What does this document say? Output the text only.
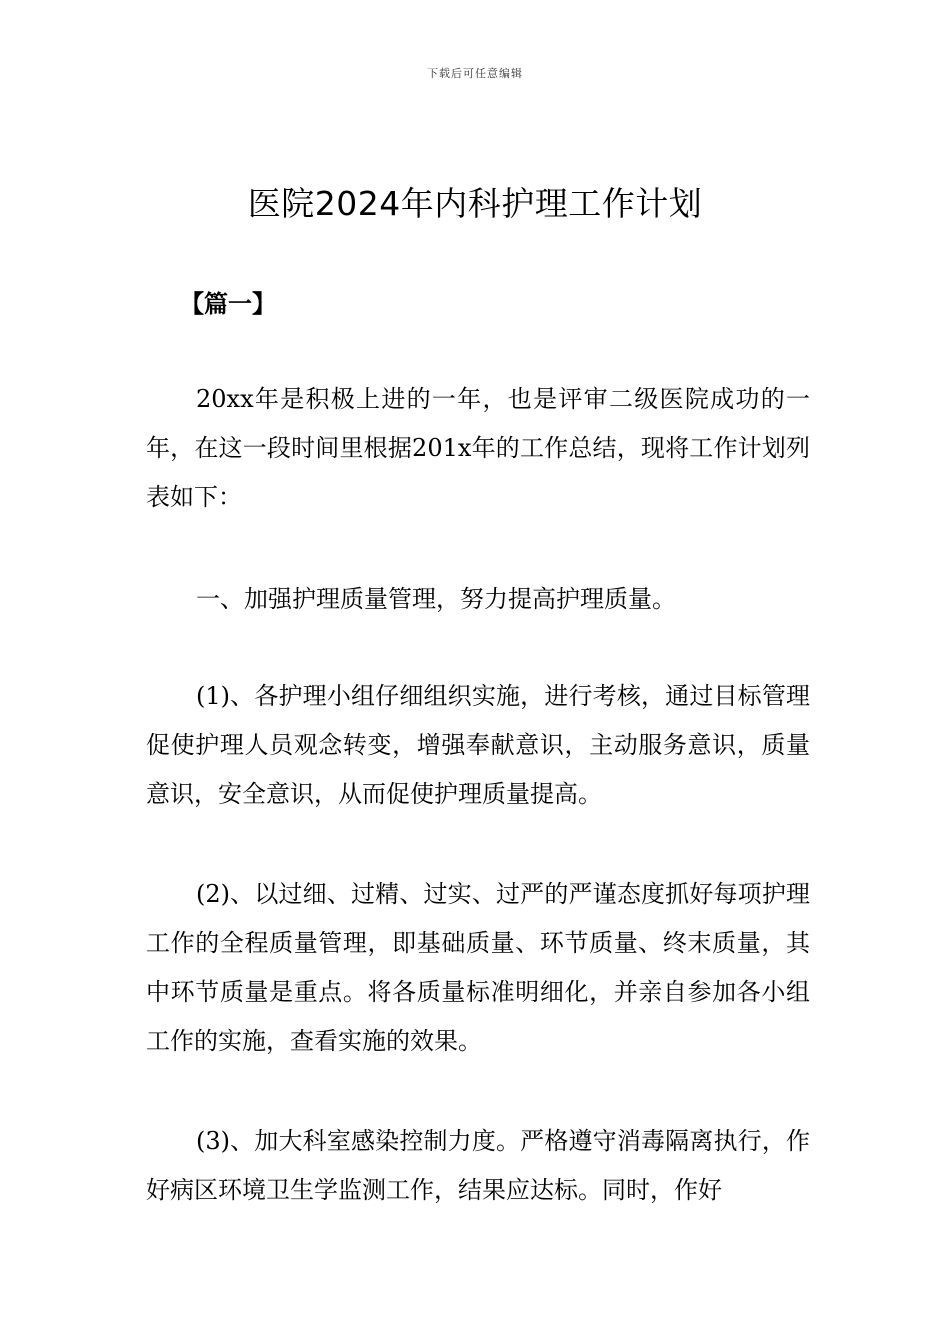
下载后可任意编辑
医院2024年内科护理工作计划

【篇一】

20xx年是积极上进的一年，也是评审二级医院成功的一年，在这一段时间里根据201x年的工作总结，现将工作计划列表如下：

一、加强护理质量管理，努力提高护理质量。

(1)、各护理小组仔细组织实施，进行考核，通过目标管理促使护理人员观念转变，增强奉献意识，主动服务意识，质量意识，安全意识，从而促使护理质量提高。

(2)、以过细、过精、过实、过严的严谨态度抓好每项护理工作的全程质量管理，即基础质量、环节质量、终末质量，其中环节质量是重点。将各质量标准明细化，并亲自参加各小组工作的实施，查看实施的效果。

(3)、加大科室感染控制力度。严格遵守消毒隔离执行，作好病区环境卫生学监测工作，结果应达标。同时，作好
